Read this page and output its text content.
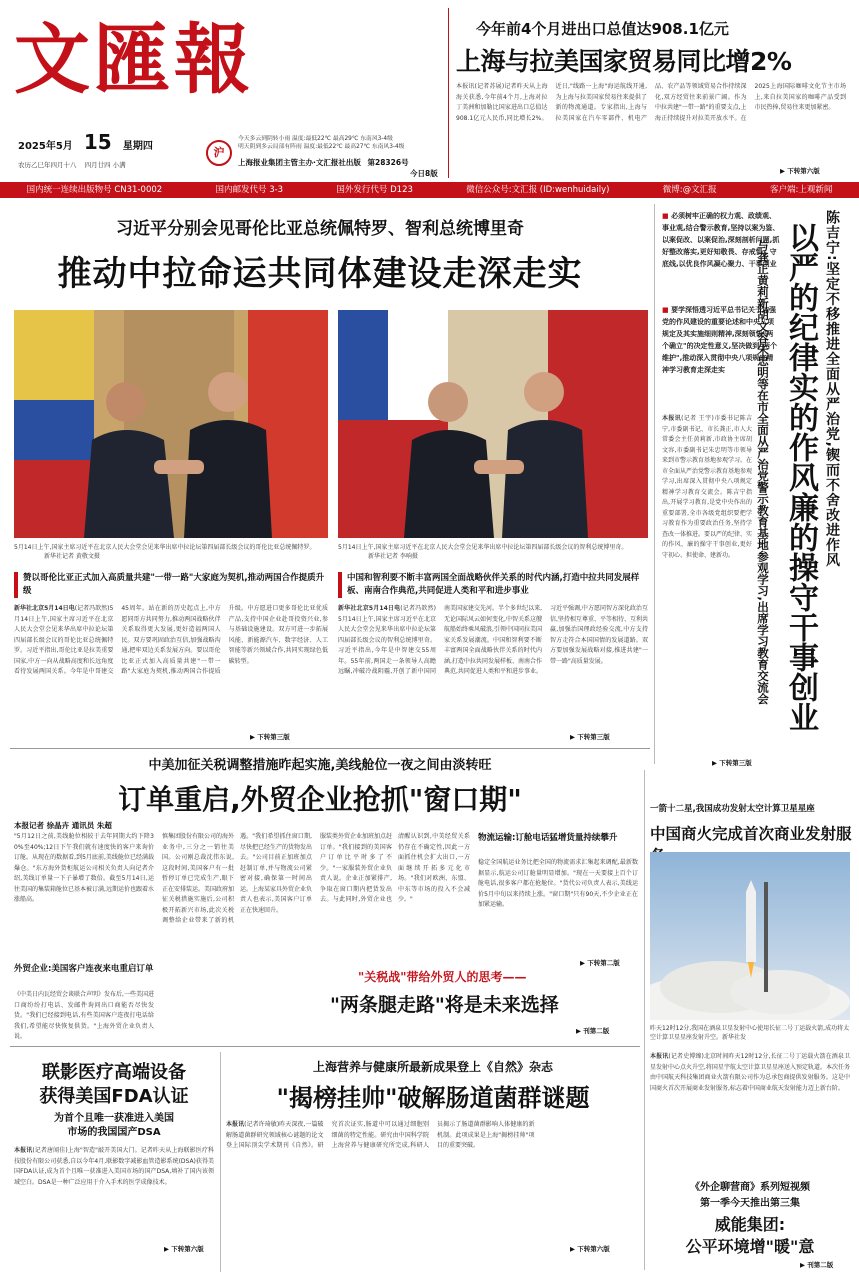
文匯報
2025年5月 15 星期四
农历乙巳年四月十八 四月廿四 小满
沪
今天多云到阴转小雨 温度:最低22℃ 最高29℃ 东南风3-4级
明天阴到多云局部有阵雨 温度:最低22℃ 最高27℃ 东南风3-4级
上海报业集团主管主办·文汇报社出版 第28326号
今日8版
今年前4个月进出口总值达908.1亿元
上海与拉美国家贸易同比增2%
本报讯(记者苏展)记者昨天从上海海关获悉,今年前4个月,上海对拉丁美洲和加勒比国家进出口总值达908.1亿元人民币,同比增长2%。近日,"线路一上海"海运航线开通,为上海与拉美国家贸易往来提供了新的物流通道。专家指出,上海与拉美国家在汽车零部件、机电产品、农产品等领域贸易合作持续深化,双方经贸往来前景广阔。作为中拉共建"一带一路"的重要支点,上海正持续提升对拉美开放水平。在2025上海国际咖啡文化节主市场上,来自拉美国家的咖啡产品受到市民热捧,贸易往来更加紧密。
▶ 下转第六版
国内统一连续出版物号 CN31-0002	国内邮发代号 3-3	国外发行代号 D123	微信公众号:文汇报 (ID:wenhuidaily)	微博:@文汇报	客户端:上观新闻
习近平分别会见哥伦比亚总统佩特罗、智利总统博里奇
推动中拉命运共同体建设走深走实
5月14日上午,国家主席习近平在北京人民大会堂会见来华出席中拉论坛第四届部长级会议的哥伦比亚总统佩特罗。 新华社记者 黄敬文摄
5月14日上午,国家主席习近平在北京人民大会堂会见来华出席中拉论坛第四届部长级会议的智利总统博里奇。 新华社记者 李响摄
赞以哥伦比亚正式加入高质量共建"一带一路"大家庭为契机,推动两国合作提质升级
中国和智利要不断丰富两国全面战略伙伴关系的时代内涵,打造中拉共同发展样板、南南合作典范,共同促进人类和平和进步事业
新华社北京5月14日电(记者冯歆然)5月14日上午,国家主席习近平在北京人民大会堂会见来华出席中拉论坛第四届部长级会议的哥伦比亚总统佩特罗。习近平指出,哥伦比亚是拉美重要国家,中方一向从战略高度和长远角度看待发展两国关系。今年是中哥建交45周年。站在新的历史起点上,中方愿同哥方共同努力,推动两国战略伙伴关系取得更大发展,更好造福两国人民。双方要巩固政治互信,加强战略沟通,把牢双边关系发展方向。要以哥伦比亚正式加入高质量共建"一带一路"大家庭为契机,推动两国合作提质升级。中方愿进口更多哥伦比亚优质产品,支持中国企业赴哥投资兴业,参与基础设施建设。双方可进一步拓展风能、新能源汽车、数字经济、人工智能等新兴领域合作,共同实现绿色低碳转型。
▶ 下转第三版
新华社北京5月14日电(记者冯歆然)5月14日上午,国家主席习近平在北京人民大会堂会见来华出席中拉论坛第四届部长级会议的智利总统博里奇。习近平指出,今年是中智建交55周年。55年前,两国走一条领导人高瞻远瞩,冲破冷战阴霾,开创了新中国同南美国家建交先河。半个多世纪以来,无论国际风云如何变化,中智关系这艘航船始终乘风破浪,引领中国同拉美国家关系发展潮流。中国和智利要不断丰富两国全面战略伙伴关系的时代内涵,打造中拉共同发展样板、南南合作典范,共同促进人类和平和进步事业。习近平强调,中方愿同智方深化政治互信,坚持相互尊重、平等相待、互利共赢,加强治国理政经验交流,中方支持智方走符合本国国情的发展道路。双方要加强发展战略对接,推进共建"一带一路"高质量发展。
▶ 下转第三版
■ 必须树牢正确的权力观、政绩观、事业观,结合警示教育,坚持以案为鉴、以案促改、以案促治,深刻剖析问题,抓好整改落实,更好知敬畏、存戒惧、守底线,以优良作风凝心聚力、干事创业
■ 要学深悟透习近平总书记关于加强党的作风建设的重要论述和中央八项规定及其实施细则精神,深刻领悟"两个确立"的决定性意义,坚决做到"两个维护",推动深入贯彻中央八项规定精神学习教育走深走实	陈吉宁:坚定不移推进全面从严治党,锲而不舍改进作风
以严的纪律实的作风廉的操守干事创业
与龚正黄莉新胡文容朱忠明等在市全面从严治党警示教育基地参观学习,出席学习教育交流会
本报讯(记者 王宇)市委书记陈吉宁,市委副书记、市长龚正,市人大常委会主任黄莉新,市政协主席胡文容,市委副书记朱忠明等市领导来到市警示教育基地参观学习。在市全面从严治党警示教育基地参观学习,出席深入贯彻中央八项规定精神学习教育交流会。陈吉宁指出,开展学习教育,是党中央作出的重要部署,全市各级党组织要把学习教育作为重要政治任务,坚持学查改一体推进。要以严的纪律、实的作风、廉的操守干事创业,更好守初心、担使命、建新功。
▶ 下转第三版
中美加征关税调整措施昨起实施,美线舱位一夜之间由淡转旺
订单重启,外贸企业抢抓"窗口期"
本报记者 徐晶卉 通讯员 朱超
"5月12日之前,美线舱位相较于去年同期大约下降30%至40%;12日下午我们就有速度快的客户来询价订舱。从现在的数据看,到5月底前,美线舱位已经满载爆仓。"东方海外货柜航运公司相关负责人向记者介绍,美线订单量一下子暴增了数倍。截至5月14日,运往美国的集装箱舱位已基本被订满,远期运价也跟着水涨船高。
外贸企业:美国客户连夜来电重启订单
《中美日内瓦经贸会谈联合声明》发布后,一些美国进口商纷纷打电话、发邮件询问出口商能否尽快发货。"我们已经接到电话,有些美国客户连夜打电话给我们,希望能尽快恢复供货。"上海外贸企业负责人说。
慎集团股份有限公司的海外业务中,三分之一销往美国。公司刚总裁沈伟东说,这段时间,美国客户有一批暂停订单已完成生产,眼下正在安排装运。美国政府加征关税措施实施后,公司积极开拓新兴市场,此次关税调整给企业带来了新的机遇。"我们希望抓住窗口期,尽快把已经生产的货物发出去。"公司目前正加班加点赶制订单,并与物流公司紧密对接,确保第一时间出运。上海某家具外贸企业负责人也表示,美国客户订单正在快速回升。
服装类外贸企业加班加点赶订单。"我们接到的美国客户订单比平时多了不少。"一家服装外贸企业负责人说。企业正加紧排产,争取在窗口期内把货发出去。与此同时,外贸企业也清醒认识到,中美经贸关系仍存在不确定性,因此一方面抓住机会扩大出口,一方面继续开拓多元化市场。"我们对欧洲、东盟、中东等市场的投入不会减少。"
物流运输:订舱电话猛增货量持续攀升
稳定全国航运业务比把全国的物流需求汇集起来调配,最新数据显示,航运公司订舱量明显增加。"现在一天要接上百个订舱电话,很多客户都在抢舱位。"货代公司负责人表示,美线运价5月中旬以来持续上涨。"窗口期"只有90天,不少企业正在加紧运输。
▶ 下转第二版
"关税战"带给外贸人的思考——
"两条腿走路"将是未来选择
▶ 刊第二版
一箭十二星,我国成功发射太空计算卫星星座
中国商火完成首次商业发射服
昨天12时12分,我国在酒泉卫星发射中心使用长征二号丁运载火箭,成功将太空计算卫星星座发射升空。新华社发
本报讯(记者史博臻)北京时间昨天12时12分,长征二号丁运载火箭在酒泉卫星发射中心点火升空,将国星宇航太空计算卫星星座送入预定轨道。本次任务由中国航天科技集团商业火箭有限公司作为总承包商提供发射服务。这是中国商火首次开展商业发射服务,标志着中国商业航天发射能力迈上新台阶。
联影医疗高端设备
获得美国FDA认证
为首个且唯一获准进入美国
市场的我国国产DSA
本报讯(记者唐闻佳)上海"智造"敲开美国大门。记者昨天从上海联影医疗科技股份有限公司获悉,自以今年4月,联影数字减影血管造影系统(DSA)获得美国FDA认证,成为首个且唯一获准进入美国市场的国产DSA,填补了国内该领域空白。DSA是一种广泛应用于介入手术的医学成像技术。
▶ 下转第六版
上海营养与健康所最新成果登上《自然》杂志
"揭榜挂帅"破解肠道菌群谜题
本报讯(记者许琦敏)昨天深夜,一篇破解肠道菌群研究领域核心谜题的论文登上国际顶尖学术期刊《自然》。研究首次证实,肠道中可以通过细胞别细菌的特定性能。研究由中国科学院上海营养与健康研究所完成,科研人员揭示了肠道菌群影响人体健康的新机制。此项成果是上海"揭榜挂帅"项目的重要突破。
▶ 下转第六版
《外企聊营商》系列短视频
第一季今天推出第三集
威能集团:
公平环境增"暖"意
▶ 刊第二版
